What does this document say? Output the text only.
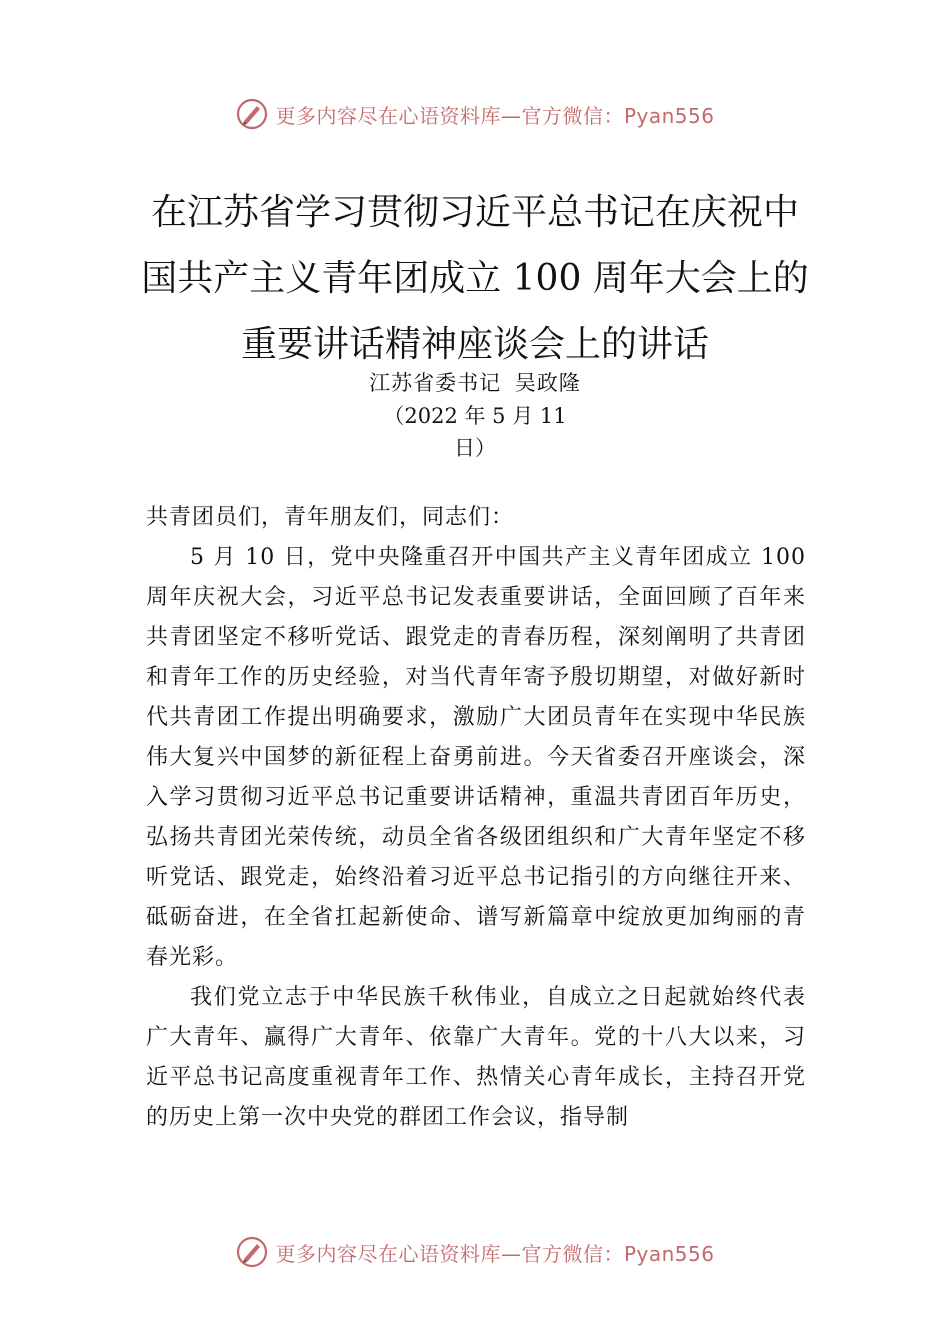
更多内容尽在心语资料库—官方微信：Pyan556
在江苏省学习贯彻习近平总书记在庆祝中
国共产主义青年团成立 100 周年大会上的
重要讲话精神座谈会上的讲话
江苏省委书记 吴政隆
（2022 年 5 月 11
日）

共青团员们，青年朋友们，同志们：

5 月 10 日，党中央隆重召开中国共产主义青年团成立 100 周年庆祝大会，习近平总书记发表重要讲话，全面回顾了百年来共青团坚定不移听党话、跟党走的青春历程，深刻阐明了共青团和青年工作的历史经验，对当代青年寄予殷切期望，对做好新时代共青团工作提出明确要求，激励广大团员青年在实现中华民族伟大复兴中国梦的新征程上奋勇前进。今天省委召开座谈会，深入学习贯彻习近平总书记重要讲话精神，重温共青团百年历史，弘扬共青团光荣传统，动员全省各级团组织和广大青年坚定不移听党话、跟党走，始终沿着习近平总书记指引的方向继往开来、砥砺奋进，在全省扛起新使命、谱写新篇章中绽放更加绚丽的青春光彩。

我们党立志于中华民族千秋伟业，自成立之日起就始终代表广大青年、赢得广大青年、依靠广大青年。党的十八大以来，习近平总书记高度重视青年工作、热情关心青年成长，主持召开党的历史上第一次中央党的群团工作会议，指导制

更多内容尽在心语资料库—官方微信：Pyan556
